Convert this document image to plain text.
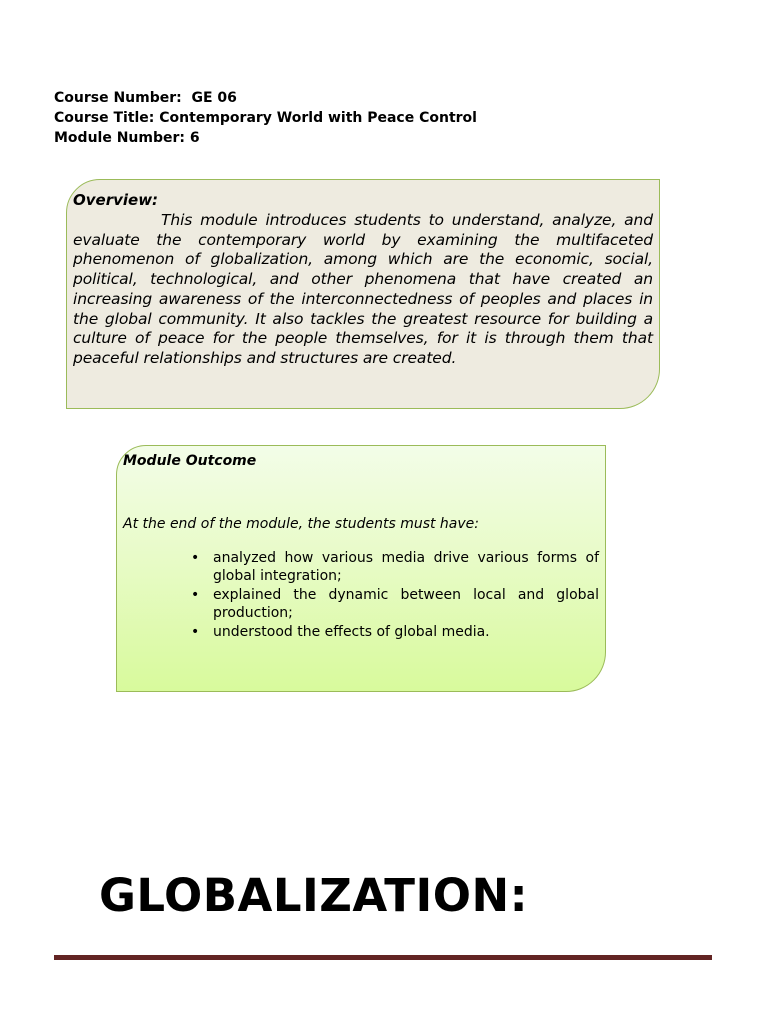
Course Number:  GE 06
Course Title: Contemporary World with Peace Control
Module Number: 6
Overview:

This module introduces students to understand, analyze, and evaluate the contemporary world by examining the multifaceted phenomenon of globalization, among which are the economic, social, political, technological, and other phenomena that have created an increasing awareness of the interconnectedness of peoples and places in the global community. It also tackles the greatest resource for building a culture of peace for the people themselves, for it is through them that peaceful relationships and structures are created.

Module Outcome
At the end of the module, the students must have:
• analyzed how various media drive various forms of global integration;
• explained the dynamic between local and global production;
• understood the effects of global media.
GLOBALIZATION:
